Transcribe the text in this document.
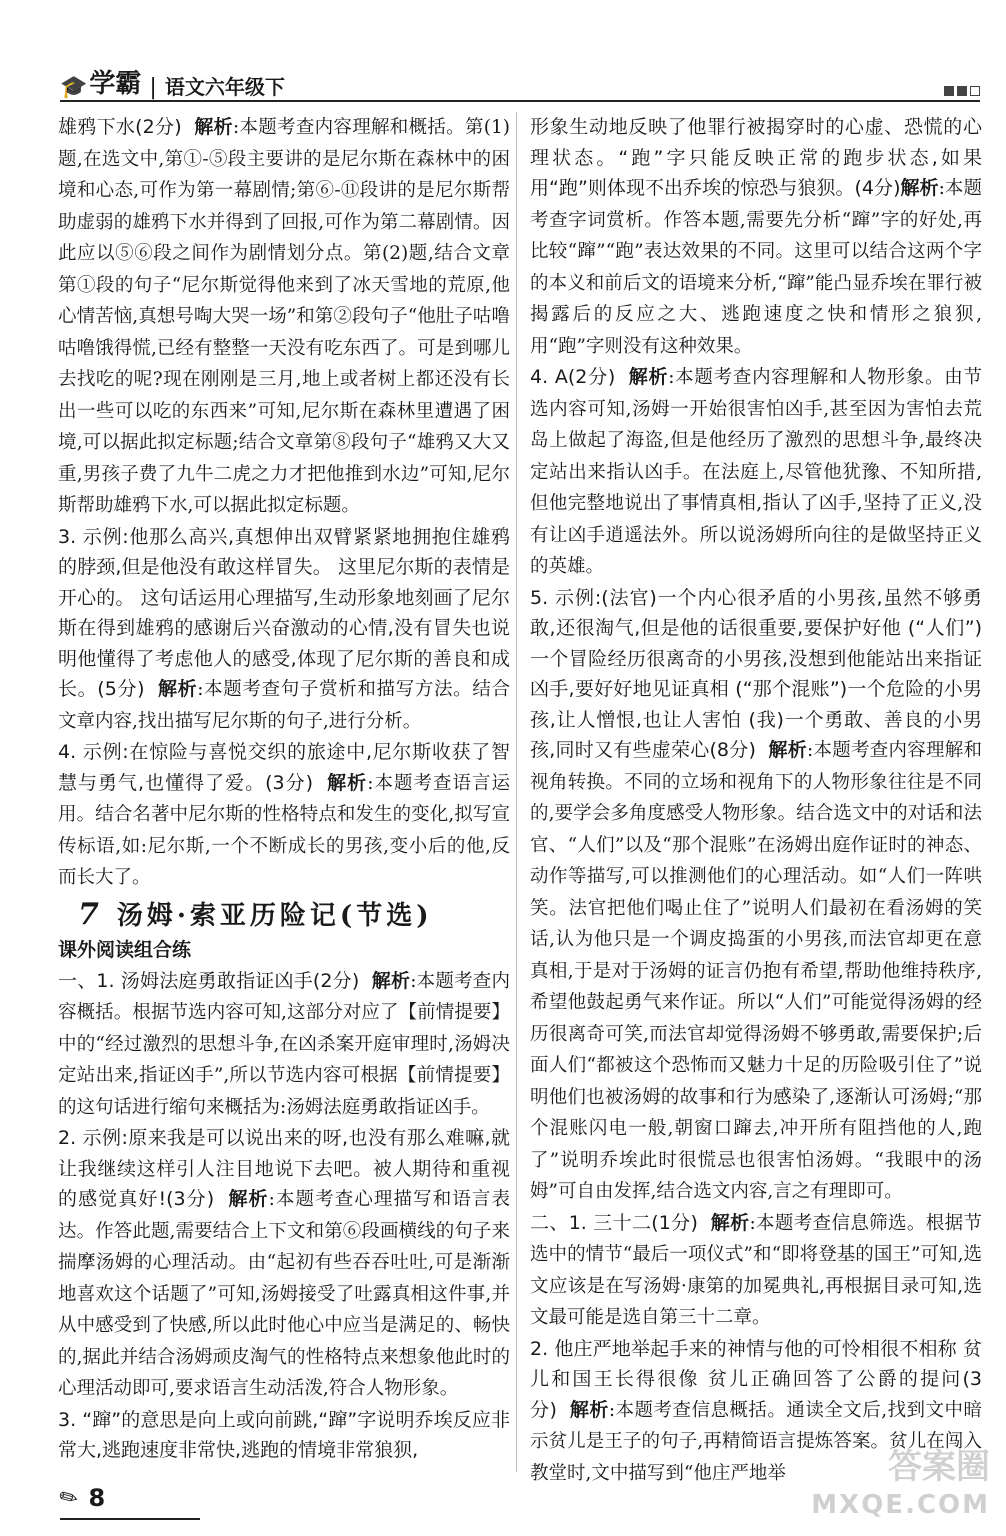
🎓 学霸 | 语文六年级下

雄鸦下水(2分) 解析:本题考查内容理解和概括。第(1)题,在选文中,第①-⑤段主要讲的是尼尔斯在森林中的困境和心态,可作为第一幕剧情;第⑥-⑪段讲的是尼尔斯帮助虚弱的雄鸦下水并得到了回报,可作为第二幕剧情。因此应以⑤⑥段之间作为剧情划分点。第(2)题,结合文章第①段的句子“尼尔斯觉得他来到了冰天雪地的荒原,他心情苦恼,真想号啕大哭一场”和第②段句子“他肚子咕噜咕噜饿得慌,已经有整整一天没有吃东西了。可是到哪儿去找吃的呢?现在刚刚是三月,地上或者树上都还没有长出一些可以吃的东西来”可知,尼尔斯在森林里遭遇了困境,可以据此拟定标题;结合文章第⑧段句子“雄鸦又大又重,男孩子费了九牛二虎之力才把他推到水边”可知,尼尔斯帮助雄鸦下水,可以据此拟定标题。

3. 示例:他那么高兴,真想伸出双臂紧紧地拥抱住雄鸦的脖颈,但是他没有敢这样冒失。 这里尼尔斯的表情是开心的。 这句话运用心理描写,生动形象地刻画了尼尔斯在得到雄鸦的感谢后兴奋激动的心情,没有冒失也说明他懂得了考虑他人的感受,体现了尼尔斯的善良和成长。(5分) 解析:本题考查句子赏析和描写方法。结合文章内容,找出描写尼尔斯的句子,进行分析。

4. 示例:在惊险与喜悦交织的旅途中,尼尔斯收获了智慧与勇气,也懂得了爱。(3分) 解析:本题考查语言运用。结合名著中尼尔斯的性格特点和发生的变化,拟写宣传标语,如:尼尔斯,一个不断成长的男孩,变小后的他,反而长大了。

7 汤姆·索亚历险记(节选)

课外阅读组合练

一、1. 汤姆法庭勇敢指证凶手(2分) 解析:本题考查内容概括。根据节选内容可知,这部分对应了【前情提要】中的“经过激烈的思想斗争,在凶杀案开庭审理时,汤姆决定站出来,指证凶手”,所以节选内容可根据【前情提要】的这句话进行缩句来概括为:汤姆法庭勇敢指证凶手。

2. 示例:原来我是可以说出来的呀,也没有那么难嘛,就让我继续这样引人注目地说下去吧。被人期待和重视的感觉真好!(3分) 解析:本题考查心理描写和语言表达。作答此题,需要结合上下文和第⑥段画横线的句子来揣摩汤姆的心理活动。由“起初有些吞吞吐吐,可是渐渐地喜欢这个话题了”可知,汤姆接受了吐露真相这件事,并从中感受到了快感,所以此时他心中应当是满足的、畅快的,据此并结合汤姆顽皮淘气的性格特点来想象他此时的心理活动即可,要求语言生动活泼,符合人物形象。

3. “蹿”的意思是向上或向前跳,“蹿”字说明乔埃反应非常大,逃跑速度非常快,逃跑的情境非常狼狈,

形象生动地反映了他罪行被揭穿时的心虚、恐慌的心理状态。“跑”字只能反映正常的跑步状态,如果用“跑”则体现不出乔埃的惊恐与狼狈。(4分)解析:本题考查字词赏析。作答本题,需要先分析“蹿”字的好处,再比较“蹿”“跑”表达效果的不同。这里可以结合这两个字的本义和前后文的语境来分析,“蹿”能凸显乔埃在罪行被揭露后的反应之大、逃跑速度之快和情形之狼狈,用“跑”字则没有这种效果。

4. A(2分) 解析:本题考查内容理解和人物形象。由节选内容可知,汤姆一开始很害怕凶手,甚至因为害怕去荒岛上做起了海盗,但是他经历了激烈的思想斗争,最终决定站出来指认凶手。在法庭上,尽管他犹豫、不知所措,但他完整地说出了事情真相,指认了凶手,坚持了正义,没有让凶手逍遥法外。所以说汤姆所向往的是做坚持正义的英雄。

5. 示例:(法官)一个内心很矛盾的小男孩,虽然不够勇敢,还很淘气,但是他的话很重要,要保护好他 (“人们”)一个冒险经历很离奇的小男孩,没想到他能站出来指证凶手,要好好地见证真相 (“那个混账”)一个危险的小男孩,让人憎恨,也让人害怕 (我)一个勇敢、善良的小男孩,同时又有些虚荣心(8分) 解析:本题考查内容理解和视角转换。不同的立场和视角下的人物形象往往是不同的,要学会多角度感受人物形象。结合选文中的对话和法官、“人们”以及“那个混账”在汤姆出庭作证时的神态、动作等描写,可以推测他们的心理活动。如“人们一阵哄笑。法官把他们喝止住了”说明人们最初在看汤姆的笑话,认为他只是一个调皮捣蛋的小男孩,而法官却更在意真相,于是对于汤姆的证言仍抱有希望,帮助他维持秩序,希望他鼓起勇气来作证。所以“人们”可能觉得汤姆的经历很离奇可笑,而法官却觉得汤姆不够勇敢,需要保护;后面人们“都被这个恐怖而又魅力十足的历险吸引住了”说明他们也被汤姆的故事和行为感染了,逐渐认可汤姆;“那个混账闪电一般,朝窗口蹿去,冲开所有阻挡他的人,跑了”说明乔埃此时很慌忌也很害怕汤姆。“我眼中的汤姆”可自由发挥,结合选文内容,言之有理即可。

二、1. 三十二(1分) 解析:本题考查信息筛选。根据节选中的情节“最后一项仪式”和“即将登基的国王”可知,选文应该是在写汤姆·康第的加冕典礼,再根据目录可知,选文最可能是选自第三十二章。

2. 他庄严地举起手来的神情与他的可怜相很不相称 贫儿和国王长得很像 贫儿正确回答了公爵的提问(3分) 解析:本题考查信息概括。通读全文后,找到文中暗示贫儿是王子的句子,再精简语言提炼答案。贫儿在闯入教堂时,文中描写到“他庄严地举

✎ 8
答案圈
MXQE.COM
